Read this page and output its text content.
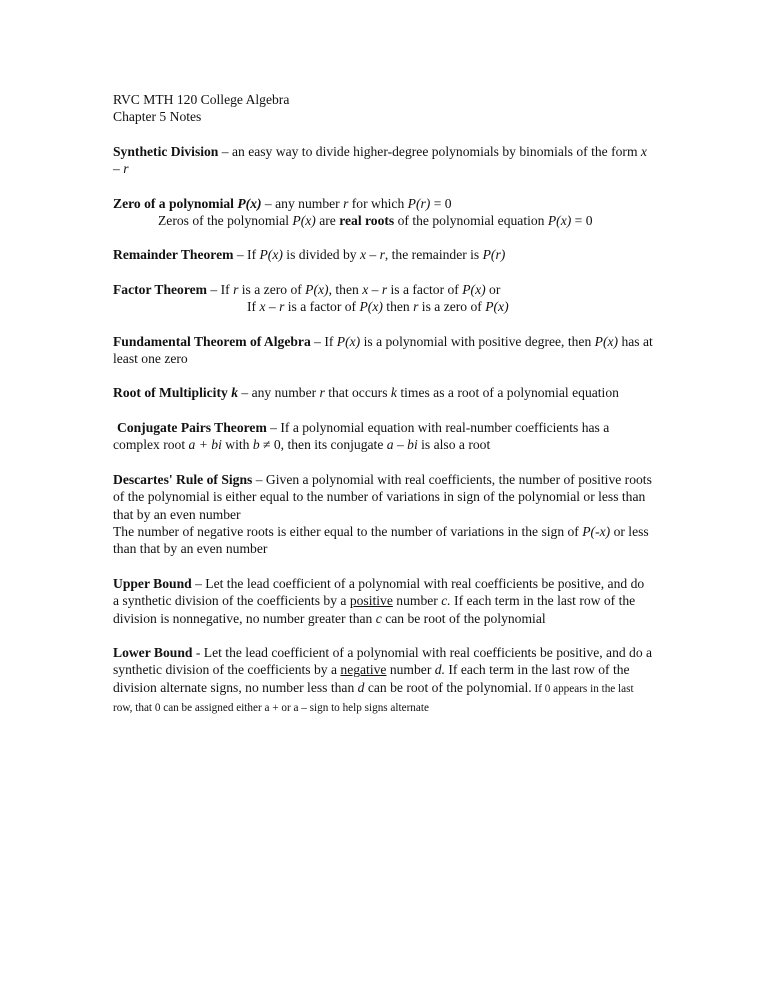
RVC MTH 120 College Algebra
Chapter 5 Notes
Synthetic Division – an easy way to divide higher-degree polynomials by binomials of the form x – r
Zero of a polynomial P(x) – any number r for which P(r) = 0
Zeros of the polynomial P(x) are real roots of the polynomial equation P(x) = 0
Remainder Theorem – If P(x) is divided by x – r, the remainder is P(r)
Factor Theorem – If r is a zero of P(x), then x – r is a factor of P(x) or
If x – r is a factor of P(x) then r is a zero of P(x)
Fundamental Theorem of Algebra – If P(x) is a polynomial with positive degree, then P(x) has at least one zero
Root of Multiplicity k – any number r that occurs k times as a root of a polynomial equation
Conjugate Pairs Theorem – If a polynomial equation with real-number coefficients has a complex root a + bi with b ≠ 0, then its conjugate a – bi is also a root
Descartes' Rule of Signs – Given a polynomial with real coefficients, the number of positive roots of the polynomial is either equal to the number of variations in sign of the polynomial or less than that by an even number
The number of negative roots is either equal to the number of variations in the sign of P(-x) or less than that by an even number
Upper Bound – Let the lead coefficient of a polynomial with real coefficients be positive, and do a synthetic division of the coefficients by a positive number c. If each term in the last row of the division is nonnegative, no number greater than c can be root of the polynomial
Lower Bound - Let the lead coefficient of a polynomial with real coefficients be positive, and do a synthetic division of the coefficients by a negative number d. If each term in the last row of the division alternate signs, no number less than d can be root of the polynomial. If 0 appears in the last row, that 0 can be assigned either a + or a – sign to help signs alternate
